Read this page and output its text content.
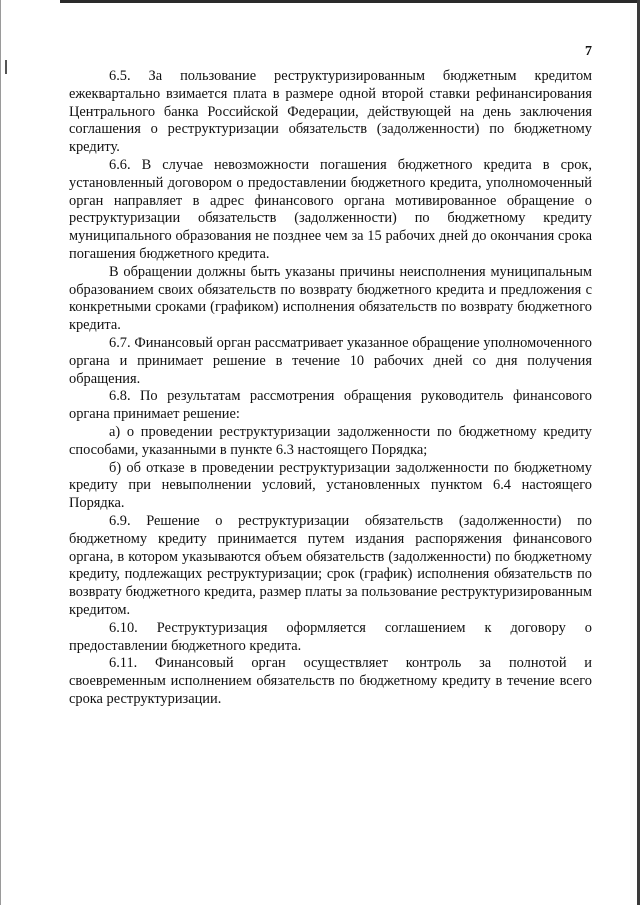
7

6.5. За пользование реструктуризированным бюджетным кредитом ежеквартально взимается плата в размере одной второй ставки рефинансирования Центрального банка Российской Федерации, действующей на день заключения соглашения о реструктуризации обязательств (задолженности) по бюджетному кредиту.

6.6. В случае невозможности погашения бюджетного кредита в срок, установленный договором о предоставлении бюджетного кредита, уполномоченный орган направляет в адрес финансового органа мотивированное обращение о реструктуризации обязательств (задолженности) по бюджетному кредиту муниципального образования не позднее чем за 15 рабочих дней до окончания срока погашения бюджетного кредита.

В обращении должны быть указаны причины неисполнения муниципальным образованием своих обязательств по возврату бюджетного кредита и предложения с конкретными сроками (графиком) исполнения обязательств по возврату бюджетного кредита.

6.7. Финансовый орган рассматривает указанное обращение уполномоченного органа и принимает решение в течение 10 рабочих дней со дня получения обращения.

6.8. По результатам рассмотрения обращения руководитель финансового органа принимает решение:

а) о проведении реструктуризации задолженности по бюджетному кредиту способами, указанными в пункте 6.3 настоящего Порядка;

б) об отказе в проведении реструктуризации задолженности по бюджетному кредиту при невыполнении условий, установленных пунктом 6.4 настоящего Порядка.

6.9. Решение о реструктуризации обязательств (задолженности) по бюджетному кредиту принимается путем издания распоряжения финансового органа, в котором указываются объем обязательств (задолженности) по бюджетному кредиту, подлежащих реструктуризации; срок (график) исполнения обязательств по возврату бюджетного кредита, размер платы за пользование реструктуризированным кредитом.

6.10. Реструктуризация оформляется соглашением к договору о предоставлении бюджетного кредита.

6.11. Финансовый орган осуществляет контроль за полнотой и своевременным исполнением обязательств по бюджетному кредиту в течение всего срока реструктуризации.
